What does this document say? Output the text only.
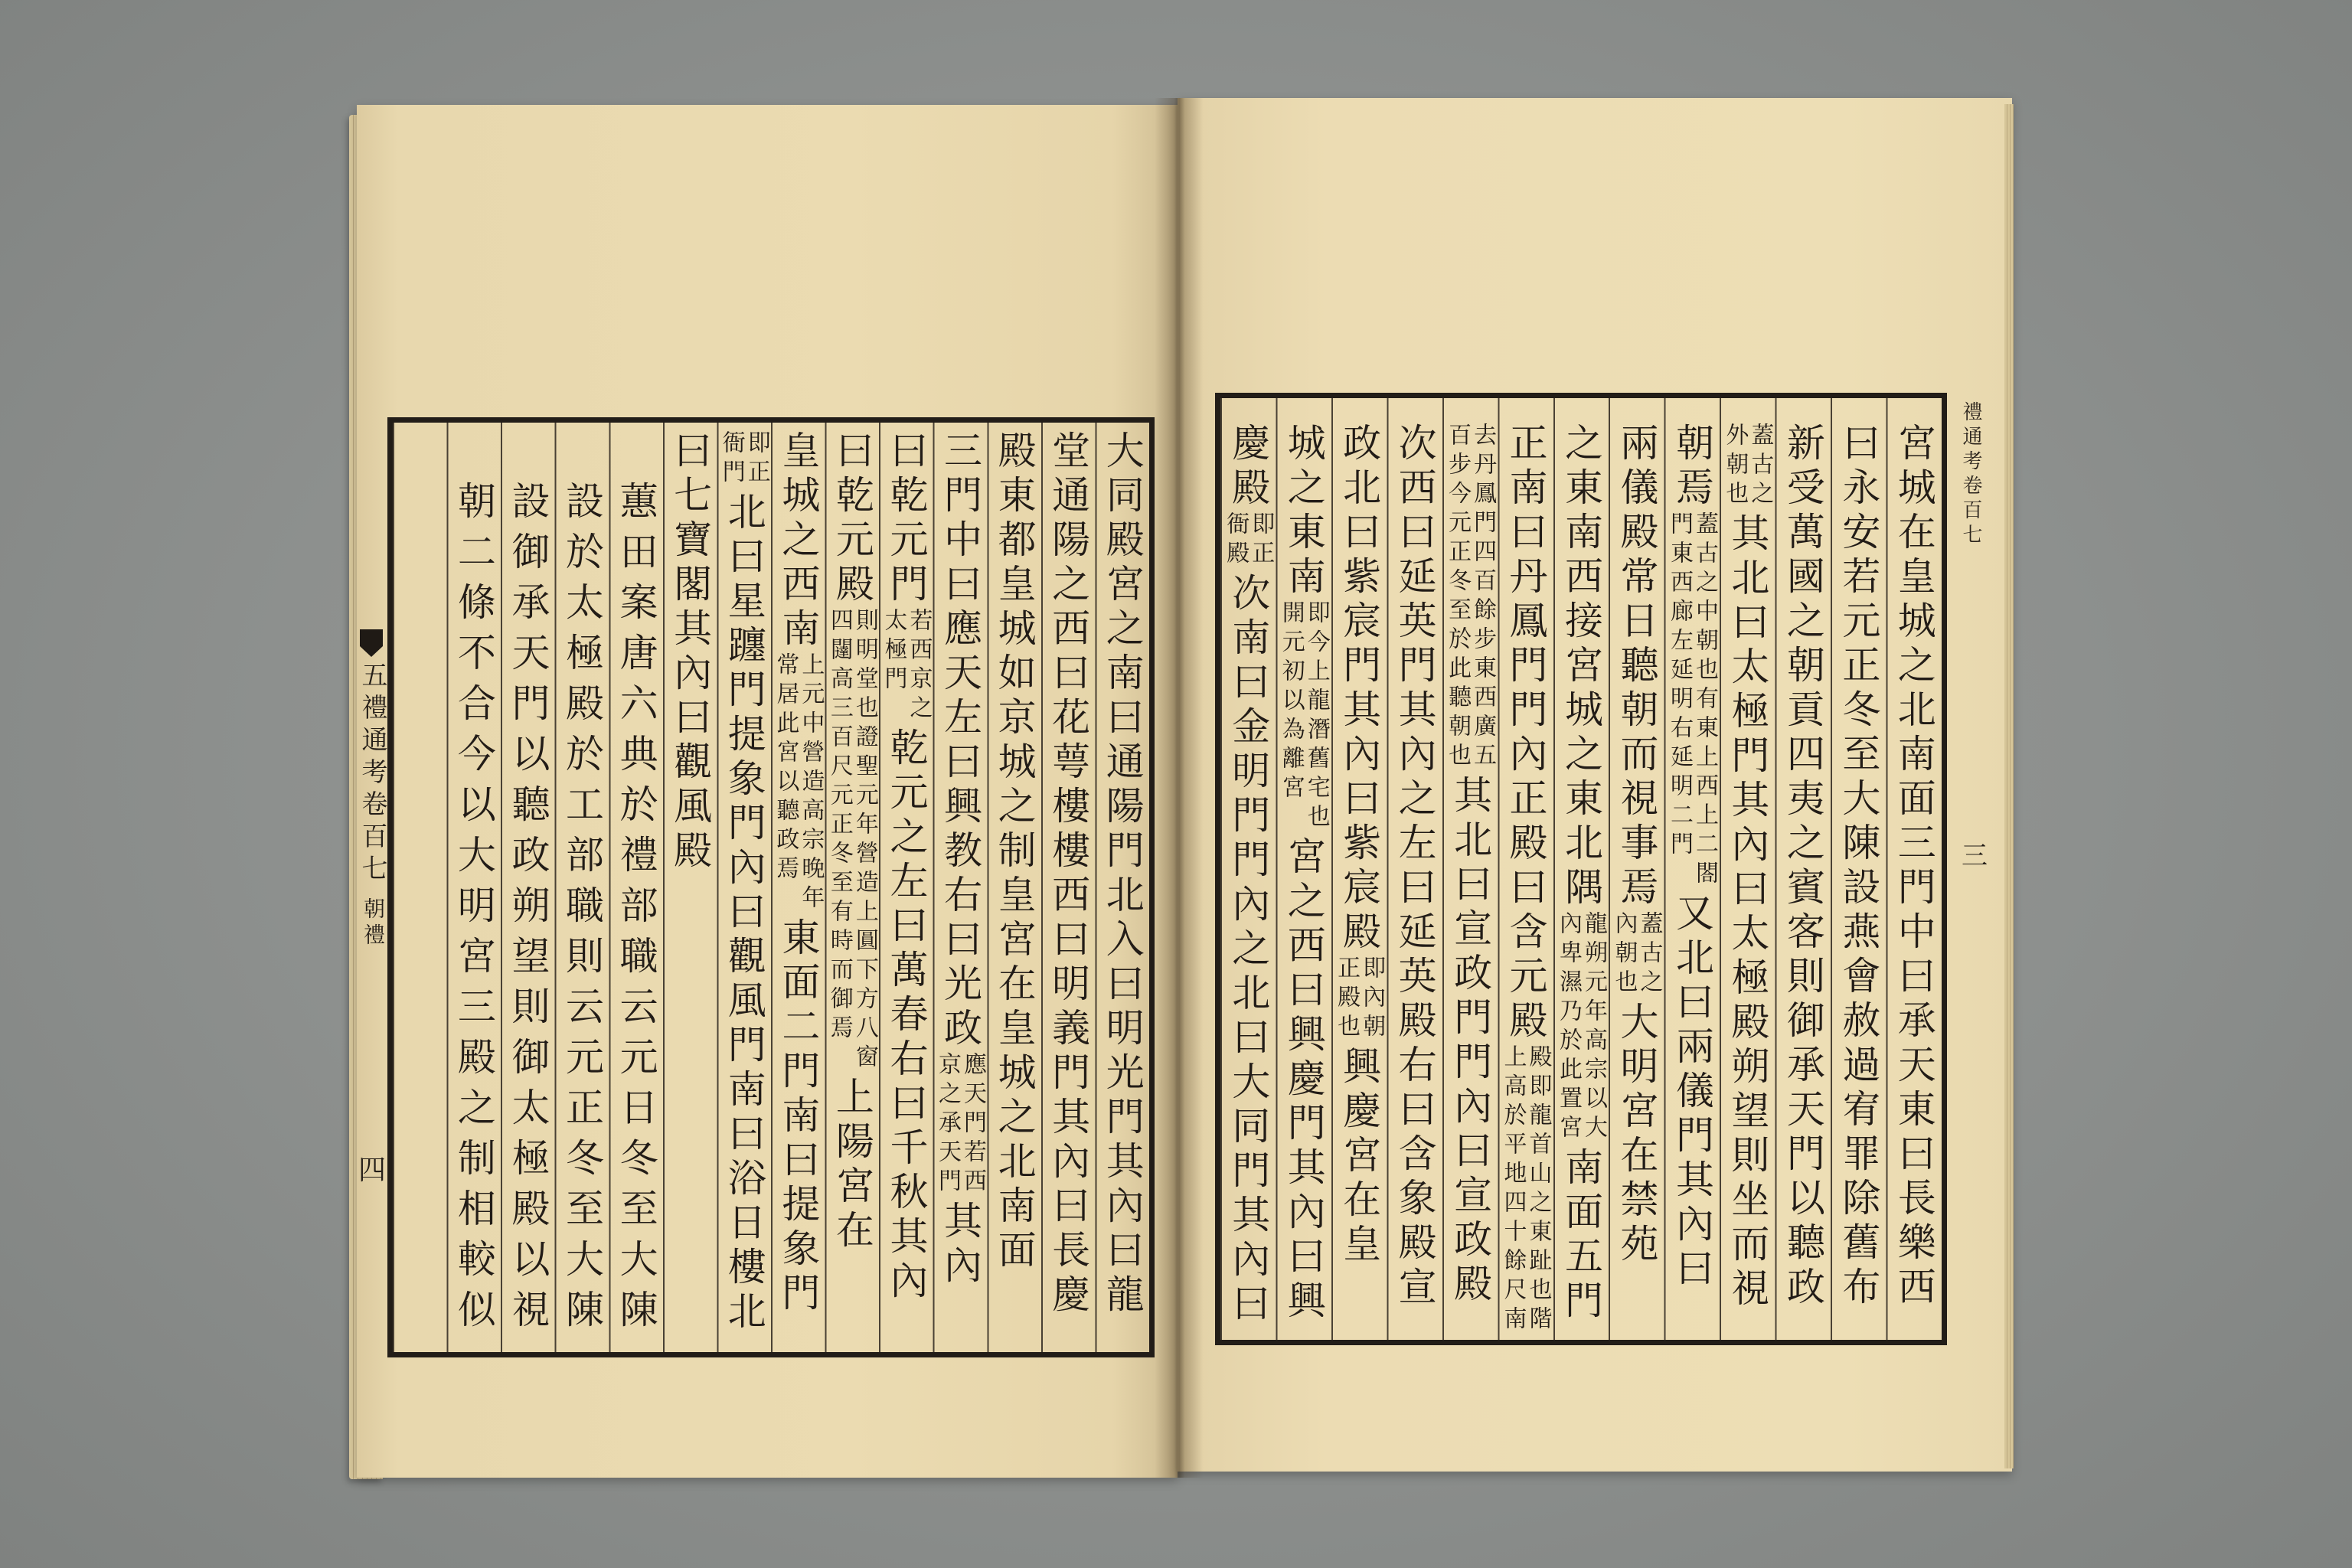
五禮通考卷百七
朝禮
四
禮通考卷百七
三
大同殿宮之南曰通陽門北入曰明光門其內曰龍
堂通陽之西曰花萼樓樓西曰明義門其內曰長慶
殿東都皇城如京城之制皇宮在皇城之北南面
三門中曰應天左曰興教右曰光政
應天門若西京之承天門
其內
曰乾元門
若西京之太極門
乾元之左曰萬春右曰千秋其內
曰乾元殿
則明堂也證聖元年營造上圓下方八窗四闥高三百尺元正冬至有時而御焉
上陽宮在
皇城之西南
上元中營造高宗晚年常居此宮以聽政焉
東面二門南曰提象門
即正衙門
北曰星躔門提象門內曰觀風門南曰浴日樓北
曰七寶閣其內曰觀風殿
蕙田案唐六典於禮部職云元日冬至大陳
設於太極殿於工部職則云元正冬至大陳
設御承天門以聽政朔望則御太極殿以視
朝二條不合今以大明宮三殿之制相較似	宮城在皇城之北南面三門中曰承天東曰長樂西
曰永安若元正冬至大陳設燕會赦過宥罪除舊布
新受萬國之朝貢四夷之賓客則御承天門以聽政
蓋古之外朝也
其北曰太極門其內曰太極殿朔望則坐而視
朝焉
蓋古之中朝也有東上西上二閤門東西廊左延明右延明二門
又北曰兩儀門其內曰
兩儀殿常日聽朝而視事焉
蓋古之內朝也
大明宮在禁苑
之東南西接宮城之東北隅
龍朔元年高宗以大內卑濕乃於此置宮
南面五門
正南曰丹鳳門門內正殿曰含元殿
殿即龍首山之東趾也階上高於平地四十餘尺南
去丹鳳門四百餘步東西廣五百步今元正冬至於此聽朝也
其北曰宣政門門內曰宣政殿
次西曰延英門其內之左曰延英殿右曰含象殿宣
政北曰紫宸門其內曰紫宸殿
即內朝正殿也
興慶宮在皇
城之東南
即今上龍潛舊宅也開元初以為離宮
宮之西曰興慶門其內曰興
慶殿
即正衙殿
次南曰金明門門內之北曰大同門其內曰
